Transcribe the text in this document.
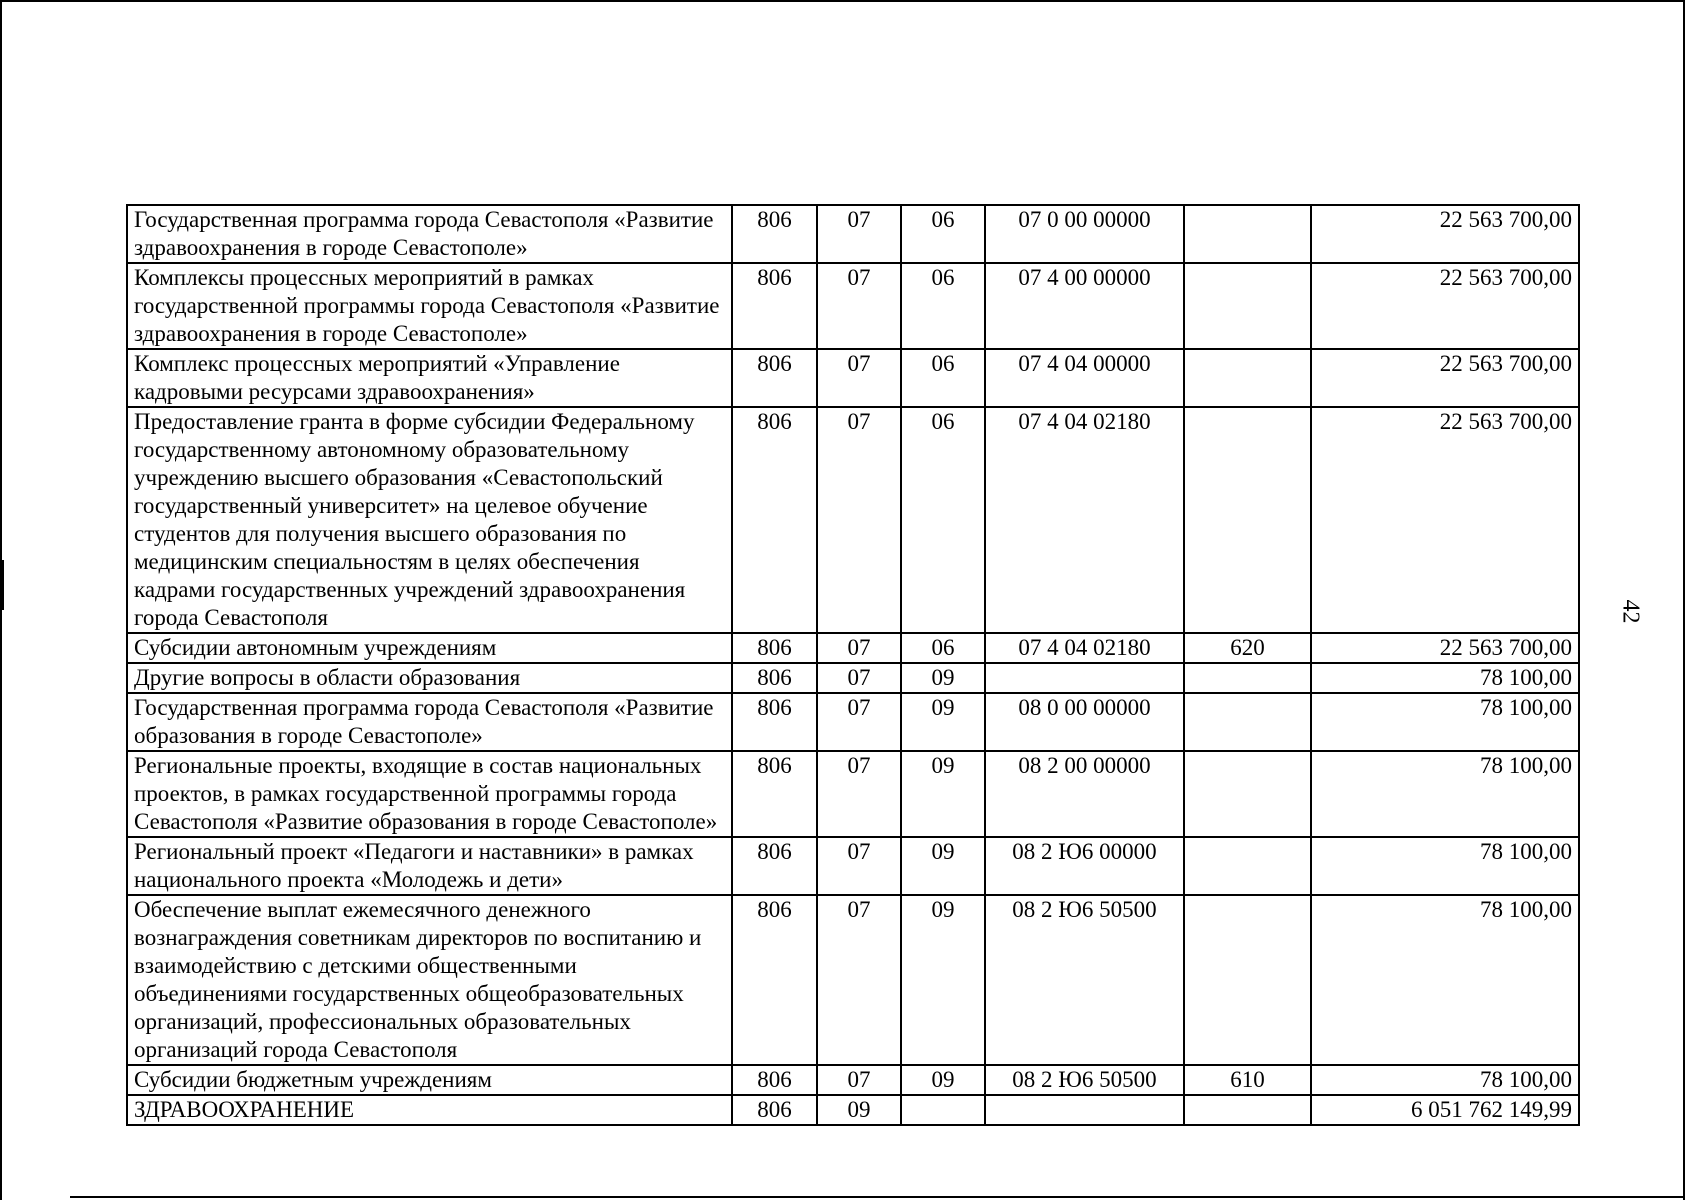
Государственная программа города Севастополя «Развитие здравоохранения в городе Севастополе»	806	07	06	07 0 00 00000		22 563 700,00
Комплексы процессных мероприятий в рамках государственной программы города Севастополя «Развитие здравоохранения в городе Севастополе»	806	07	06	07 4 00 00000		22 563 700,00
Комплекс процессных мероприятий «Управление кадровыми ресурсами здравоохранения»	806	07	06	07 4 04 00000		22 563 700,00
Предоставление гранта в форме субсидии Федеральному государственному автономному образовательному учреждению высшего образования «Севастопольский государственный университет» на целевое обучение студентов для получения высшего образования по медицинским специальностям в целях обеспечения кадрами государственных учреждений здравоохранения города Севастополя	806	07	06	07 4 04 02180		22 563 700,00
Субсидии автономным учреждениям	806	07	06	07 4 04 02180	620	22 563 700,00
Другие вопросы в области образования	806	07	09			78 100,00
Государственная программа города Севастополя «Развитие образования в городе Севастополе»	806	07	09	08 0 00 00000		78 100,00
Региональные проекты, входящие в состав национальных проектов, в рамках государственной программы города Севастополя «Развитие образования в городе Севастополе»	806	07	09	08 2 00 00000		78 100,00
Региональный проект «Педагоги и наставники» в рамках национального проекта «Молодежь и дети»	806	07	09	08 2 Ю6 00000		78 100,00
Обеспечение выплат ежемесячного денежного вознаграждения советникам директоров по воспитанию и взаимодействию с детскими общественными объединениями государственных общеобразовательных организаций, профессиональных образовательных организаций города Севастополя	806	07	09	08 2 Ю6 50500		78 100,00
Субсидии бюджетным учреждениям	806	07	09	08 2 Ю6 50500	610	78 100,00
ЗДРАВООХРАНЕНИЕ	806	09				6 051 762 149,99
42
